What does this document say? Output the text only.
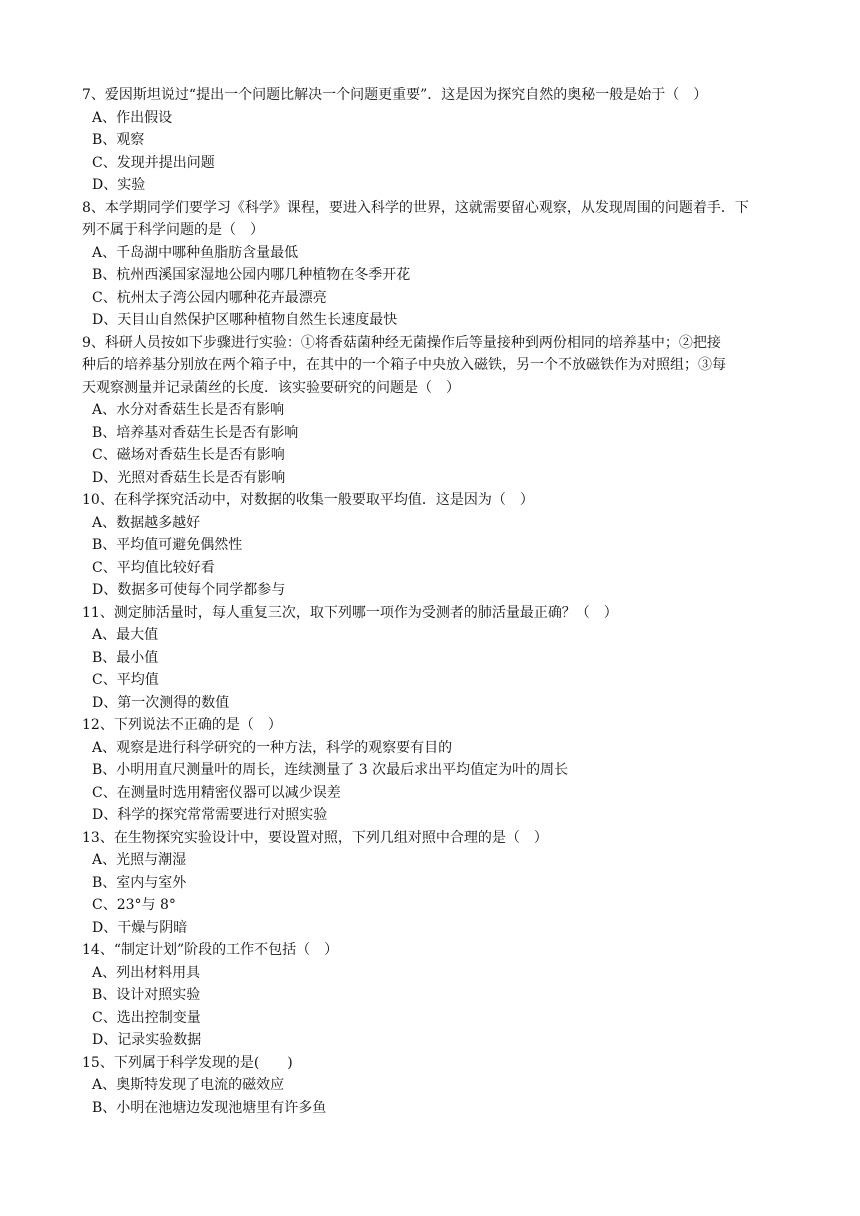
7、爱因斯坦说过“提出一个问题比解决一个问题更重要”．这是因为探究自然的奥秘一般是始于（　）
A、作出假设
B、观察
C、发现并提出问题
D、实验
8、本学期同学们要学习《科学》课程，要进入科学的世界，这就需要留心观察，从发现周围的问题着手．下
列不属于科学问题的是（　）
A、千岛湖中哪种鱼脂肪含量最低
B、杭州西溪国家湿地公园内哪几种植物在冬季开花
C、杭州太子湾公园内哪种花卉最漂亮
D、天目山自然保护区哪种植物自然生长速度最快
9、科研人员按如下步骤进行实验：①将香菇菌种经无菌操作后等量接种到两份相同的培养基中；②把接
种后的培养基分别放在两个箱子中，在其中的一个箱子中央放入磁铁，另一个不放磁铁作为对照组；③每
天观察测量并记录菌丝的长度．该实验要研究的问题是（　）
A、水分对香菇生长是否有影响
B、培养基对香菇生长是否有影响
C、磁场对香菇生长是否有影响
D、光照对香菇生长是否有影响
10、在科学探究活动中，对数据的收集一般要取平均值．这是因为（　）
A、数据越多越好
B、平均值可避免偶然性
C、平均值比较好看
D、数据多可使每个同学都参与
11、测定肺活量时，每人重复三次，取下列哪一项作为受测者的肺活量最正确？（　）
A、最大值
B、最小值
C、平均值
D、第一次测得的数值
12、下列说法不正确的是（　）
A、观察是进行科学研究的一种方法，科学的观察要有目的
B、小明用直尺测量叶的周长，连续测量了 3 次最后求出平均值定为叶的周长
C、在测量时选用精密仪器可以减少误差
D、科学的探究常常需要进行对照实验
13、在生物探究实验设计中，要设置对照，下列几组对照中合理的是（　）
A、光照与潮湿
B、室内与室外
C、23°与 8°
D、干燥与阴暗
14、“制定计划”阶段的工作不包括（　）
A、列出材料用具
B、设计对照实验
C、选出控制变量
D、记录实验数据
15、下列属于科学发现的是(　　)
A、奥斯特发现了电流的磁效应
B、小明在池塘边发现池塘里有许多鱼
